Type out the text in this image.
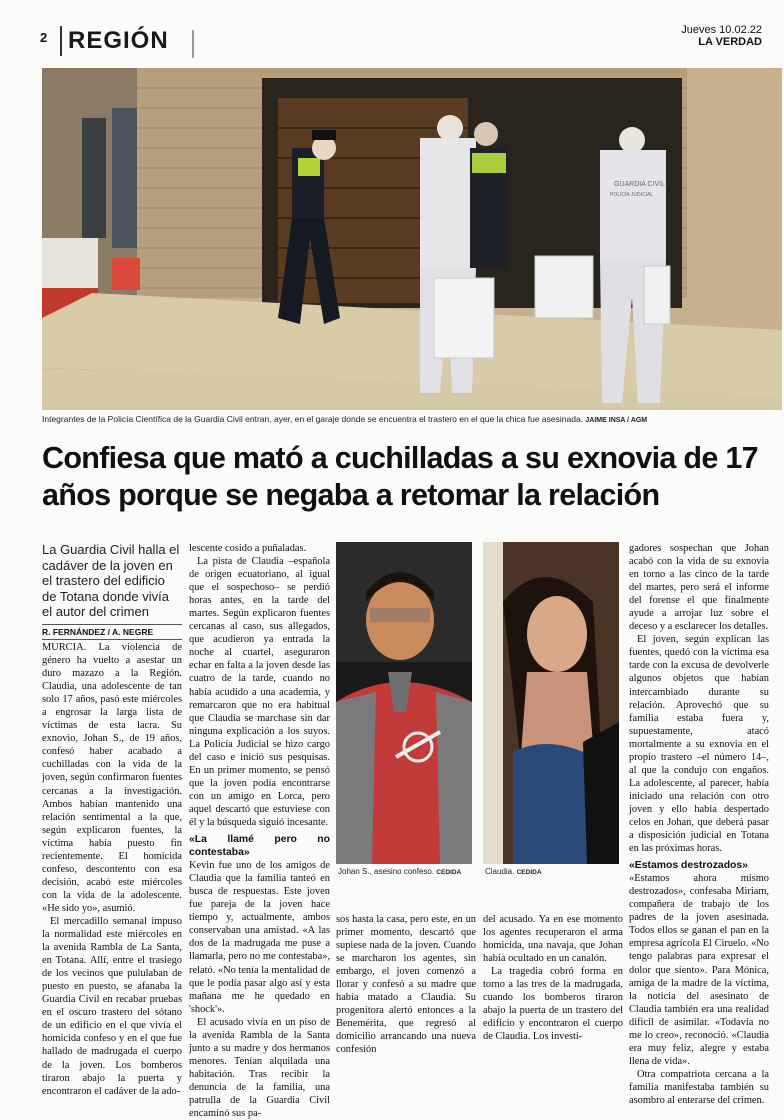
2 REGIÓN	Jueves 10.02.22
LA VERDAD
GUARDIA CIVIL
POLICÍA JUDICIAL
Integrantes de la Policía Científica de la Guardia Civil entran, ayer, en el garaje donde se encuentra el trastero en el que la chica fue asesinada. JAIME INSA / AGM
Confiesa que mató a cuchilladas a su exnovia de 17 años porque se negaba a retomar la relación
La Guardia Civil halla el cadáver de la joven en el trastero del edificio de Totana donde vivía el autor del crimen
R. FERNÁNDEZ / A. NEGRE

MURCIA. La violencia de género ha vuelto a asestar un duro mazazo a la Región. Claudia, una adolescente de tan solo 17 años, pasó este miércoles a engrosar la larga lista de víctimas de esta lacra. Su exnovio, Johan S., de 19 años, confesó haber acabado a cuchilladas con la vida de la joven, según confirmaron fuentes cercanas a la investigación. Ambos habían mantenido una relación sentimental a la que, según explicaron fuentes, la víctima había puesto fin recientemente. El homicida confeso, descontento con esa decisión, acabó este miércoles con la vida de la adolescente. «He sido yo», asumió.

El mercadillo semanal impuso la normalidad este miércoles en la avenida Rambla de La Santa, en Totana. Allí, entre el trasiego de los vecinos que pululaban de puesto en puesto, se afanaba la Guardia Civil en recabar pruebas en el oscuro trastero del sótano de un edificio en el que vivía el homicida confeso y en el que fue hallado de madrugada el cuerpo de la joven. Los bomberos tiraron abajo la puerta y encontraron el cadáver de la ado-

lescente cosido a puñaladas.

La pista de Claudia –española de origen ecuatoriano, al igual que el sospechoso– se perdió horas antes, en la tarde del martes. Según explicaron fuentes cercanas al caso, sus allegados, que acudieron ya entrada la noche al cuartel, aseguraron echar en falta a la joven desde las cuatro de la tarde, cuando no había acudido a una academia, y remarcaron que no era habitual que Claudia se marchase sin dar ninguna explicación a los suyos. La Policía Judicial se hizo cargo del caso e inició sus pesquisas. En un primer momento, se pensó que la joven podía encontrarse con un amigo en Lorca, pero aquel descartó que estuviese con él y la búsqueda siguió incesante.

«La llamé pero no contestaba»

Kevin fue uno de los amigos de Claudia que la familia tanteó en busca de respuestas. Este joven fue pareja de la joven hace tiempo y, actualmente, ambos conservaban una amistad. «A las dos de la madrugada me puse a llamarla, pero no me contestaba», relató. «No tenía la mentalidad de que le podía pasar algo así y esta mañana me he quedado en 'shock'».

El acusado vivía en un piso de la avenida Rambla de la Santa junto a su madre y dos hermanos menores. Tenían alquilada una habitación. Tras recibir la denuncia de la familia, una patrulla de la Guardia Civil encaminó sus pa-

Johan S., asesino confeso. CEDIDA	Claudia. CEDIDA

sos hasta la casa, pero este, en un primer momento, descartó que supiese nada de la joven. Cuando se marcharon los agentes, sin embargo, el joven comenzó a llorar y confesó a su madre que había matado a Claudia. Su progenitora alertó entonces a la Benemérita, que regresó al domicilio arrancando una nueva confesión

del acusado. Ya en ese momento los agentes recuperaron el arma homicida, una navaja, que Johan había ocultado en un canalón.

La tragedia cobró forma en torno a las tres de la madrugada, cuando los bomberos tiraron abajo la puerta de un trastero del edificio y encontraron el cuerpo de Claudia. Los investi-

gadores sospechan que Johan acabó con la vida de su exnovia en torno a las cinco de la tarde del martes, pero será el informe del forense el que finalmente ayude a arrojar luz sobre el deceso y a esclarecer los detalles.

El joven, según explican las fuentes, quedó con la víctima esa tarde con la excusa de devolverle algunos objetos que habían intercambiado durante su relación. Aprovechó que su familia estaba fuera y, supuestamente, atacó mortalmente a su exnovia en el propio trastero –el número 14–, al que la condujo con engaños. La adolescente, al parecer, había iniciado una relación con otro joven y ello había despertado celos en Johan, que deberá pasar a disposición judicial en Totana en las próximas horas.

«Estamos destrozados»

«Estamos ahora mismo destrozados», confesaba Miriam, compañera de trabajo de los padres de la joven asesinada. Todos ellos se ganan el pan en la empresa agrícola El Ciruelo. «No tengo palabras para expresar el dolor que siento». Para Mónica, amiga de la madre de la víctima, la noticia del asesinato de Claudia también era una realidad difícil de asimilar. «Todavía no me lo creo», reconoció. «Claudia era muy feliz, alegre y estaba llena de vida».

Otra compatriota cercana a la familia manifestaba también su asombro al enterarse del crimen.
